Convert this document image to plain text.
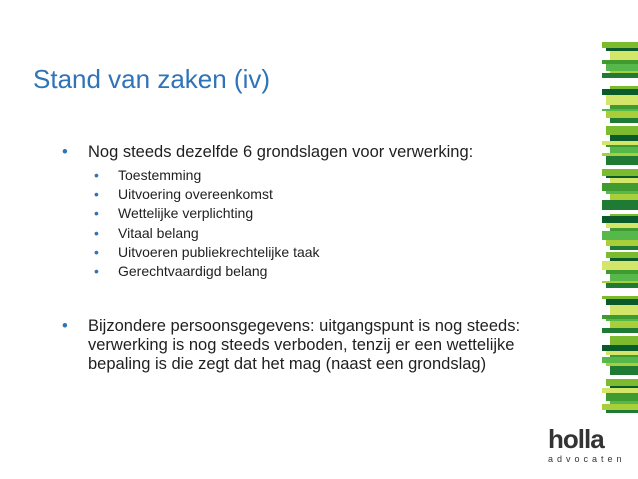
Stand van zaken (iv)
• Nog steeds dezelfde 6 grondslagen voor verwerking:
• Toestemming
• Uitvoering overeenkomst
• Wettelijke verplichting
• Vitaal belang
• Uitvoeren publiekrechtelijke taak
• Gerechtvaardigd belang
• Bijzondere persoonsgegevens: uitgangspunt is nog steeds: verwerking is nog steeds verboden, tenzij er een wettelijke bepaling is die zegt dat het mag (naast een grondslag)
holla
advocaten
